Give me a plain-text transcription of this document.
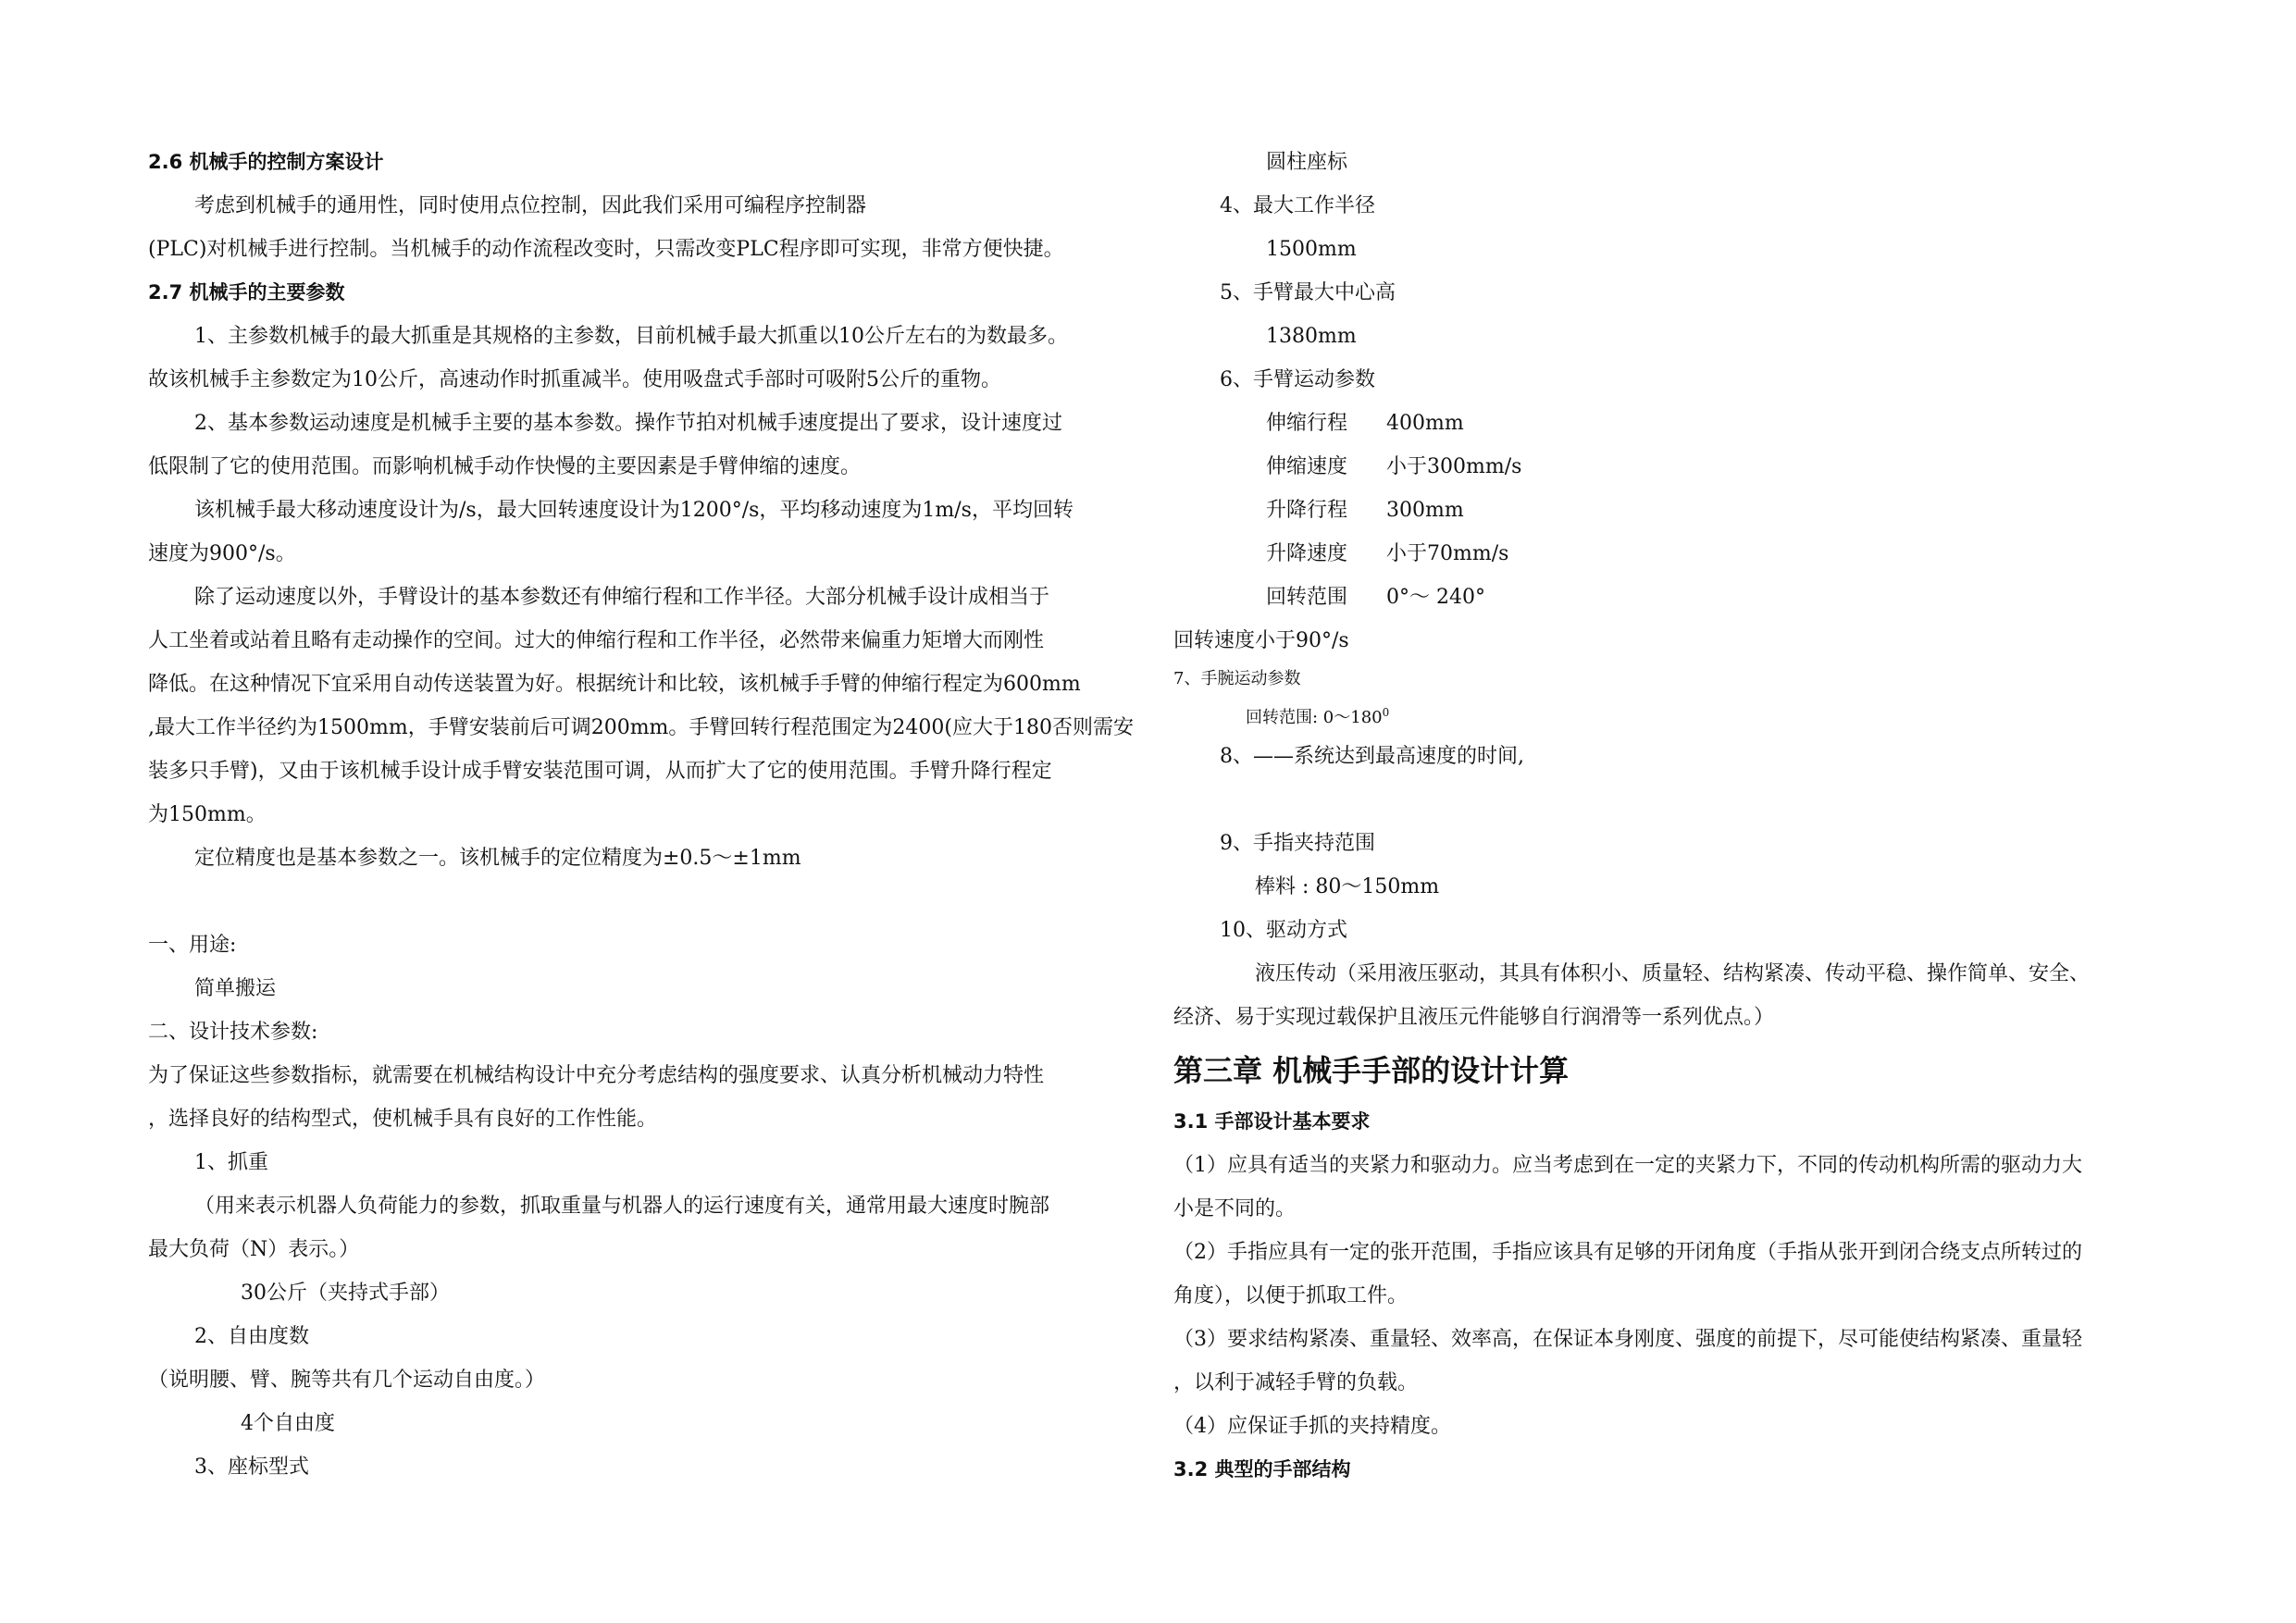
2.6 机械手的控制方案设计

考虑到机械手的通用性，同时使用点位控制，因此我们采用可编程序控制器

(PLC)对机械手进行控制。当机械手的动作流程改变时，只需改变PLC程序即可实现，非常方便快捷。

2.7 机械手的主要参数

1、主参数机械手的最大抓重是其规格的主参数，目前机械手最大抓重以10公斤左右的为数最多。

故该机械手主参数定为10公斤，高速动作时抓重减半。使用吸盘式手部时可吸附5公斤的重物。

2、基本参数运动速度是机械手主要的基本参数。操作节拍对机械手速度提出了要求，设计速度过

低限制了它的使用范围。而影响机械手动作快慢的主要因素是手臂伸缩的速度。

该机械手最大移动速度设计为/s，最大回转速度设计为1200°/s，平均移动速度为1m/s，平均回转

速度为900°/s。

除了运动速度以外，手臂设计的基本参数还有伸缩行程和工作半径。大部分机械手设计成相当于

人工坐着或站着且略有走动操作的空间。过大的伸缩行程和工作半径，必然带来偏重力矩增大而刚性

降低。在这种情况下宜采用自动传送装置为好。根据统计和比较，该机械手手臂的伸缩行程定为600mm

,最大工作半径约为1500mm，手臂安装前后可调200mm。手臂回转行程范围定为2400(应大于180否则需安

装多只手臂)，又由于该机械手设计成手臂安装范围可调，从而扩大了它的使用范围。手臂升降行程定

为150mm。

定位精度也是基本参数之一。该机械手的定位精度为±0.5～±1mm

一、用途:

简单搬运

二、设计技术参数:

为了保证这些参数指标，就需要在机械结构设计中充分考虑结构的强度要求、认真分析机械动力特性

，选择良好的结构型式，使机械手具有良好的工作性能。

1、抓重

（用来表示机器人负荷能力的参数，抓取重量与机器人的运行速度有关，通常用最大速度时腕部

最大负荷（N）表示。）

30公斤（夹持式手部）

2、自由度数

（说明腰、臂、腕等共有几个运动自由度。）

4个自由度

3、座标型式

圆柱座标

4、最大工作半径

1500mm

5、手臂最大中心高

1380mm

6、手臂运动参数

伸缩行程 400mm

伸缩速度 小于300mm/s

升降行程 300mm

升降速度 小于70mm/s

回转范围 0°～ 240°

回转速度小于90°/s

7、手腕运动参数

回转范围: $0\sim 180^0$

8、——系统达到最高速度的时间,

9、手指夹持范围

棒料 : 80～150mm

10、驱动方式

液压传动（采用液压驱动，其具有体积小、质量轻、结构紧凑、传动平稳、操作简单、安全、

经济、易于实现过载保护且液压元件能够自行润滑等一系列优点。）

第三章 机械手手部的设计计算

3.1 手部设计基本要求

（1）应具有适当的夹紧力和驱动力。应当考虑到在一定的夹紧力下，不同的传动机构所需的驱动力大

小是不同的。

（2）手指应具有一定的张开范围，手指应该具有足够的开闭角度（手指从张开到闭合绕支点所转过的

角度），以便于抓取工件。

（3）要求结构紧凑、重量轻、效率高，在保证本身刚度、强度的前提下，尽可能使结构紧凑、重量轻

，以利于减轻手臂的负载。

（4）应保证手抓的夹持精度。

3.2 典型的手部结构
